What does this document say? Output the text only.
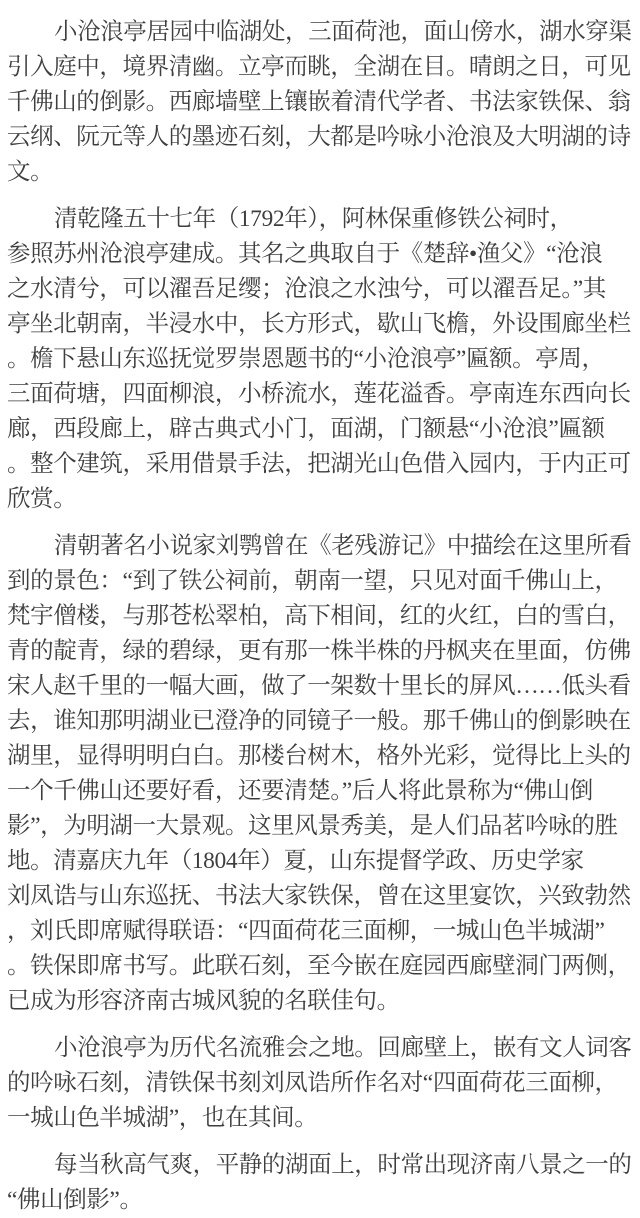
小沧浪亭居园中临湖处，三面荷池，面山傍水，湖水穿渠
引入庭中，境界清幽。立亭而眺，全湖在目。晴朗之日，可见
千佛山的倒影。西廊墙壁上镶嵌着清代学者、书法家铁保、翁
云纲、阮元等人的墨迹石刻，大都是吟咏小沧浪及大明湖的诗
文。

清乾隆五十七年（1792年），阿林保重修铁公祠时，
参照苏州沧浪亭建成。其名之典取自于《楚辞•渔父》“沧浪
之水清兮，可以濯吾足缨；沧浪之水浊兮，可以濯吾足。”其
亭坐北朝南，半浸水中，长方形式，歇山飞檐，外设围廊坐栏
。檐下悬山东巡抚觉罗崇恩题书的“小沧浪亭”匾额。亭周，
三面荷塘，四面柳浪，小桥流水，莲花溢香。亭南连东西向长
廊，西段廊上，辟古典式小门，面湖，门额悬“小沧浪”匾额
。整个建筑，采用借景手法，把湖光山色借入园内，于内正可
欣赏。

清朝著名小说家刘鹗曾在《老残游记》中描绘在这里所看
到的景色：“到了铁公祠前，朝南一望，只见对面千佛山上，
梵宇僧楼，与那苍松翠柏，高下相间，红的火红，白的雪白，
青的靛青，绿的碧绿，更有那一株半株的丹枫夹在里面，仿佛
宋人赵千里的一幅大画，做了一架数十里长的屏风……低头看
去，谁知那明湖业已澄净的同镜子一般。那千佛山的倒影映在
湖里，显得明明白白。那楼台树木，格外光彩，觉得比上头的
一个千佛山还要好看，还要清楚。”后人将此景称为“佛山倒
影”，为明湖一大景观。这里风景秀美，是人们品茗吟咏的胜
地。清嘉庆九年（1804年）夏，山东提督学政、历史学家
刘凤诰与山东巡抚、书法大家铁保，曾在这里宴饮，兴致勃然
，刘氏即席赋得联语：“四面荷花三面柳，一城山色半城湖”
。铁保即席书写。此联石刻，至今嵌在庭园西廊壁洞门两侧，
已成为形容济南古城风貌的名联佳句。

小沧浪亭为历代名流雅会之地。回廊壁上，嵌有文人词客
的吟咏石刻，清铁保书刻刘凤诰所作名对“四面荷花三面柳，
一城山色半城湖”，也在其间。

每当秋高气爽，平静的湖面上，时常出现济南八景之一的
“佛山倒影”。
